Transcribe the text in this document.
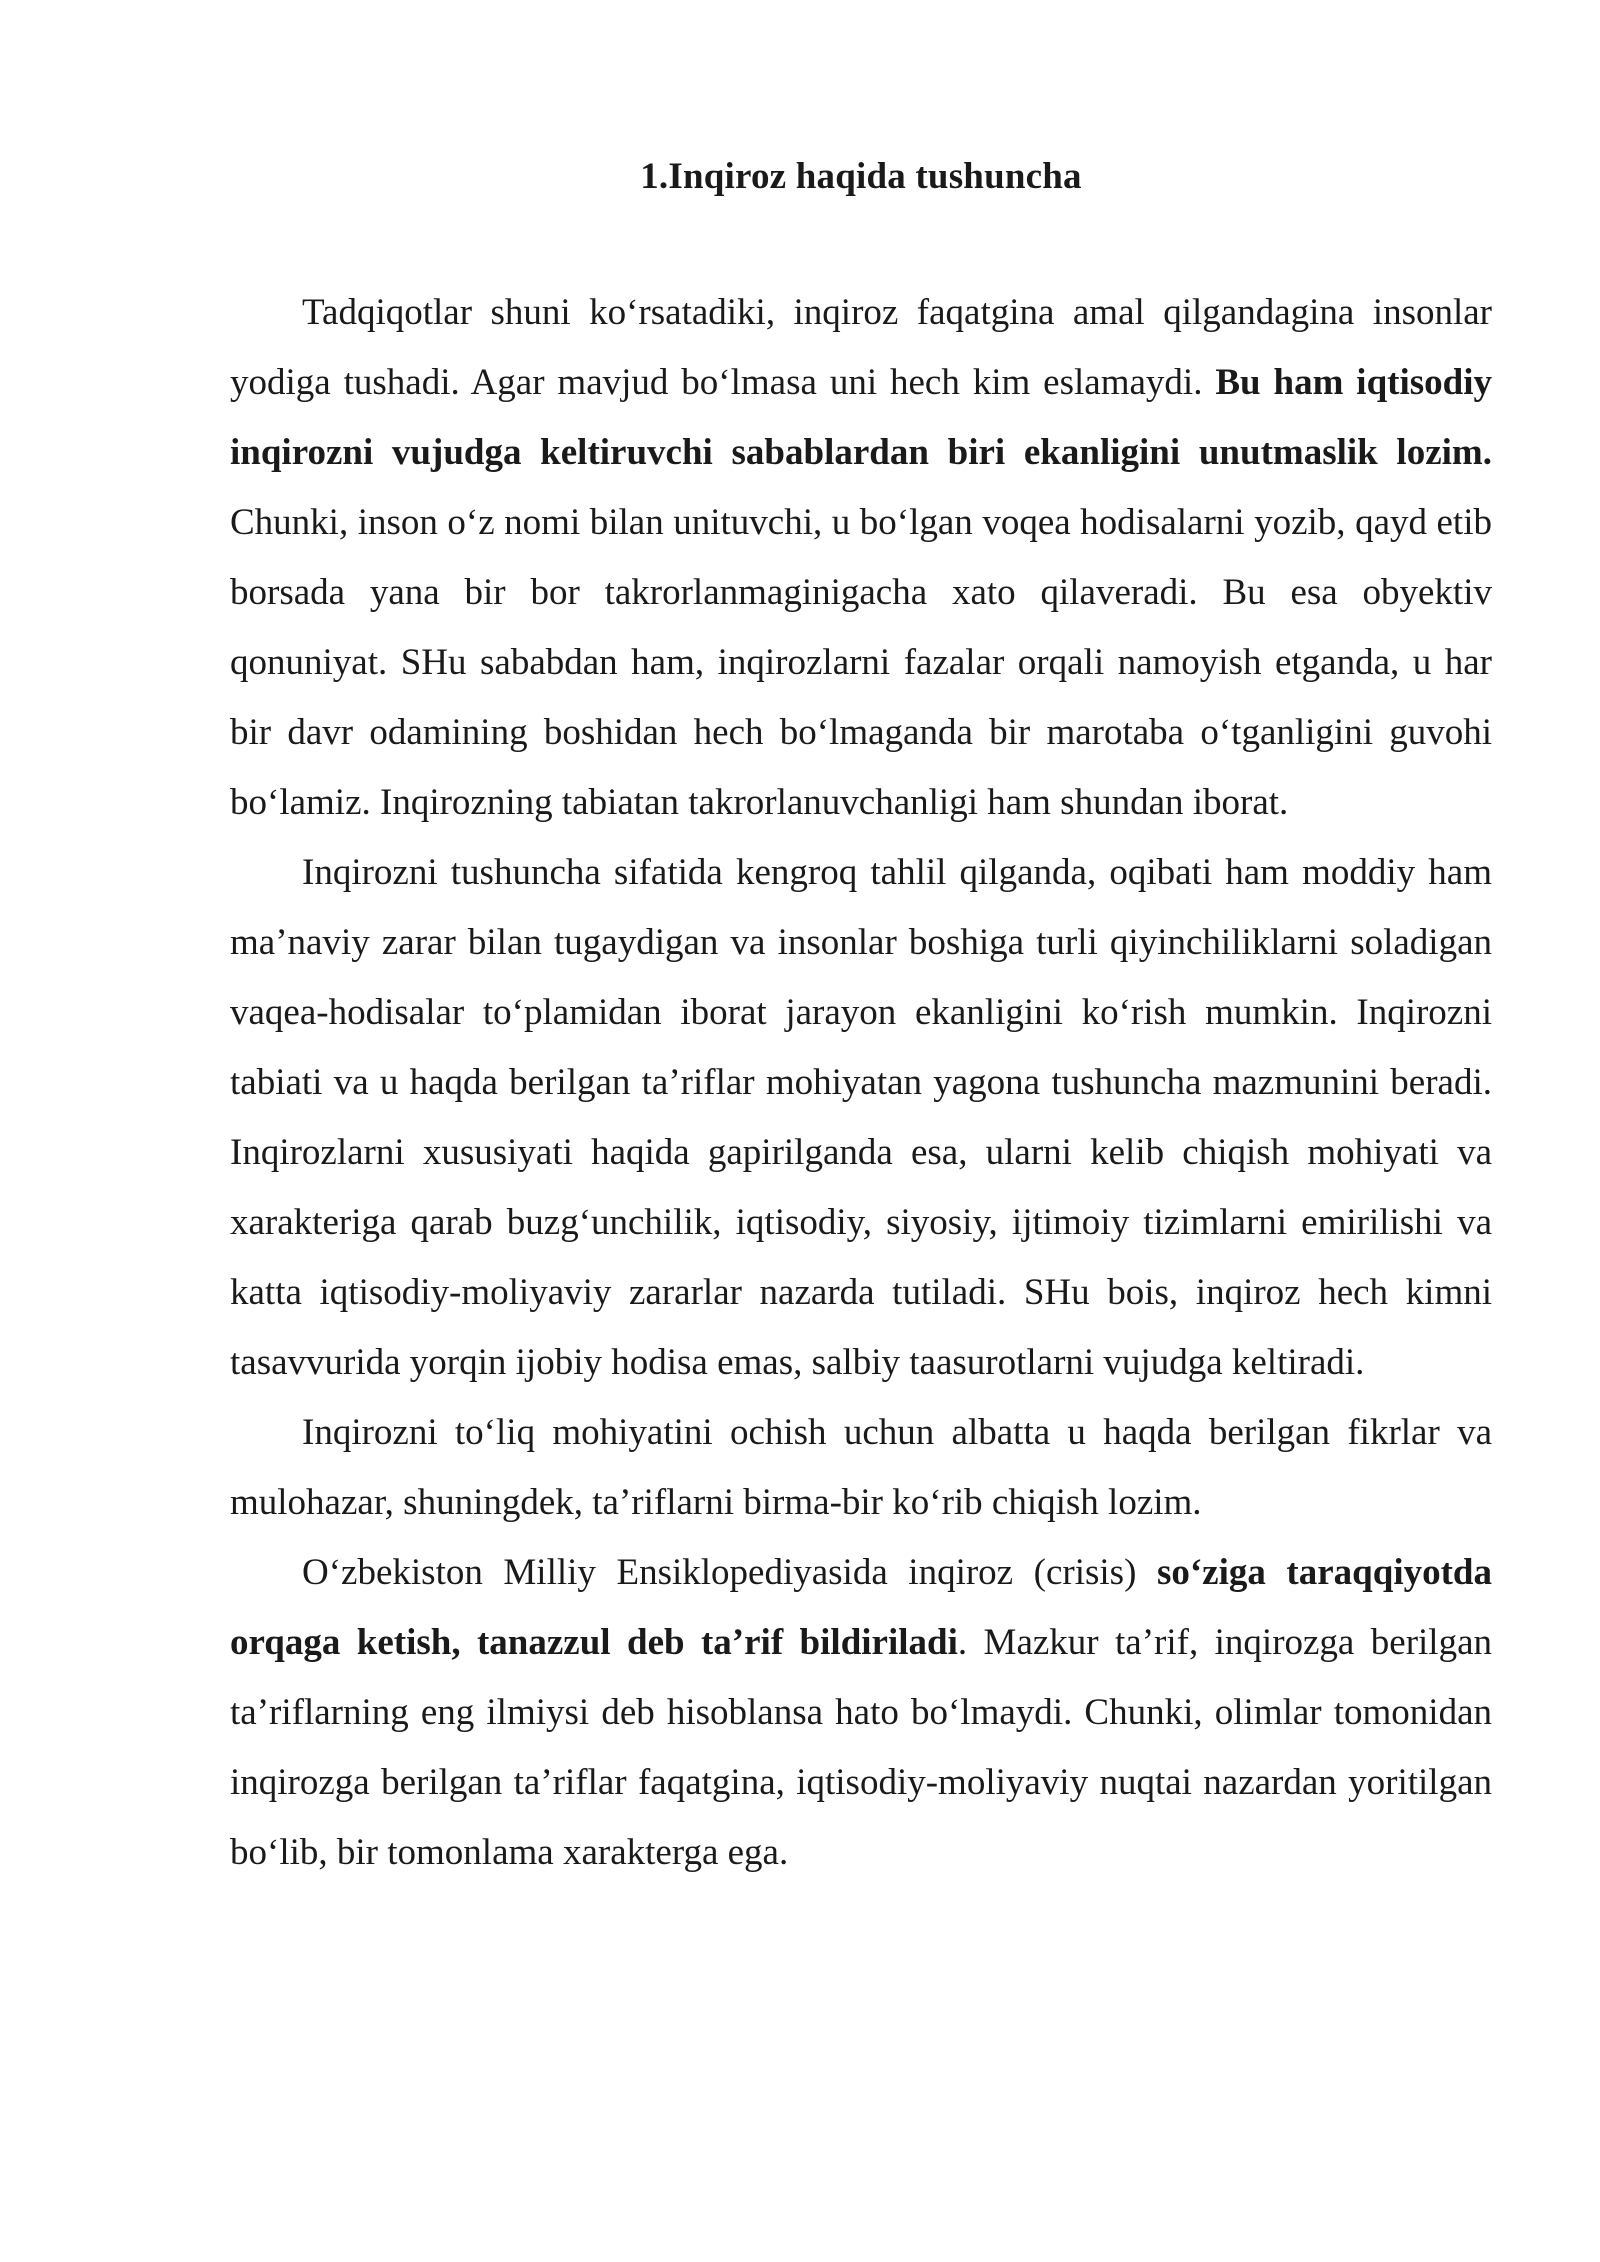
1.Inqiroz haqida tushuncha

Tadqiqotlar shuni ko‘rsatadiki, inqiroz faqatgina amal qilgandagina insonlar yodiga tushadi. Agar mavjud bo‘lmasa uni hech kim eslamaydi. Bu ham iqtisodiy inqirozni vujudga keltiruvchi sabablardan biri ekanligini unutmaslik lozim. Chunki, inson o‘z nomi bilan unituvchi, u bo‘lgan voqea hodisalarni yozib, qayd etib borsada yana bir bor takrorlanmaginigacha xato qilaveradi. Bu esa obyektiv qonuniyat. SHu sababdan ham, inqirozlarni fazalar orqali namoyish etganda, u har bir davr odamining boshidan hech bo‘lmaganda bir marotaba o‘tganligini guvohi bo‘lamiz. Inqirozning tabiatan takrorlanuvchanligi ham shundan iborat.

Inqirozni tushuncha sifatida kengroq tahlil qilganda, oqibati ham moddiy ham ma’naviy zarar bilan tugaydigan va insonlar boshiga turli qiyinchiliklarni soladigan vaqea-hodisalar to‘plamidan iborat jarayon ekanligini ko‘rish mumkin. Inqirozni tabiati va u haqda berilgan ta’riflar mohiyatan yagona tushuncha mazmunini beradi. Inqirozlarni xususiyati haqida gapirilganda esa, ularni kelib chiqish mohiyati va xarakteriga qarab buzg‘unchilik, iqtisodiy, siyosiy, ijtimoiy tizimlarni emirilishi va katta iqtisodiy-moliyaviy zararlar nazarda tutiladi. SHu bois, inqiroz hech kimni tasavvurida yorqin ijobiy hodisa emas, salbiy taasurotlarni vujudga keltiradi.

Inqirozni to‘liq mohiyatini ochish uchun albatta u haqda berilgan fikrlar va mulohazar, shuningdek, ta’riflarni birma-bir ko‘rib chiqish lozim.

O‘zbekiston Milliy Ensiklopediyasida inqiroz (crisis) so‘ziga taraqqiyotda orqaga ketish, tanazzul deb ta’rif bildiriladi. Mazkur ta’rif, inqirozga berilgan ta’riflarning eng ilmiysi deb hisoblansa hato bo‘lmaydi. Chunki, olimlar tomonidan inqirozga berilgan ta’riflar faqatgina, iqtisodiy-moliyaviy nuqtai nazardan yoritilgan bo‘lib, bir tomonlama xarakterga ega.
